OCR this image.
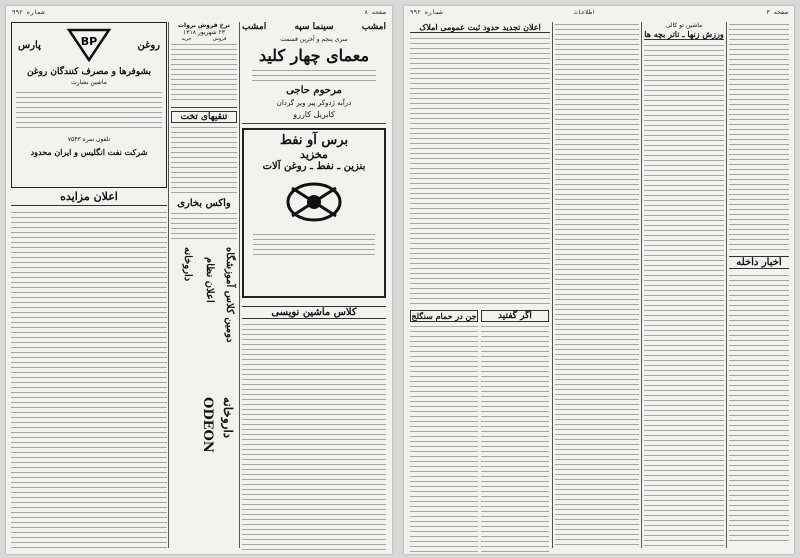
صفحه ۸
شماره ۹۹۲
پارس	BP	روغن
بشوفرها و مصرف کنندگان روغن
ماشین بشارت
تلفون نمره ۷۵۴۳
شرکت نفت انگلیس و ایران محدود
اعلان مزایده
نرخ فروش بروات
۲۳ شهریور ۱۳۱۸
فروش
خرید
تنقیهای تخت
واکس بخاری
دومین کلاس آموزشگاه
اعلان نظام
داروخانه
ODEON داروخانه
امشب
سینما سپه
امشب
سری پنجم و آخرین قسمت
معمای چهار کلید
مرحوم حاجی
درآیه ژدوکر پیر ویر گردان
کابریل کاررو
برس آو نفط
مخزید
بنزین ـ نفط ـ روغن آلات
کلاس ماشین نویسی
شماره ۹۹۲	اطلاعات	صفحه ۳
اعلان تجدید حدود ثبت عمومی املاک
جن در حمام سنگلج	اگر گفتید
ماشین تو کالی
ورزش زنها ـ تاتر بچه ها
اخبار داخله
